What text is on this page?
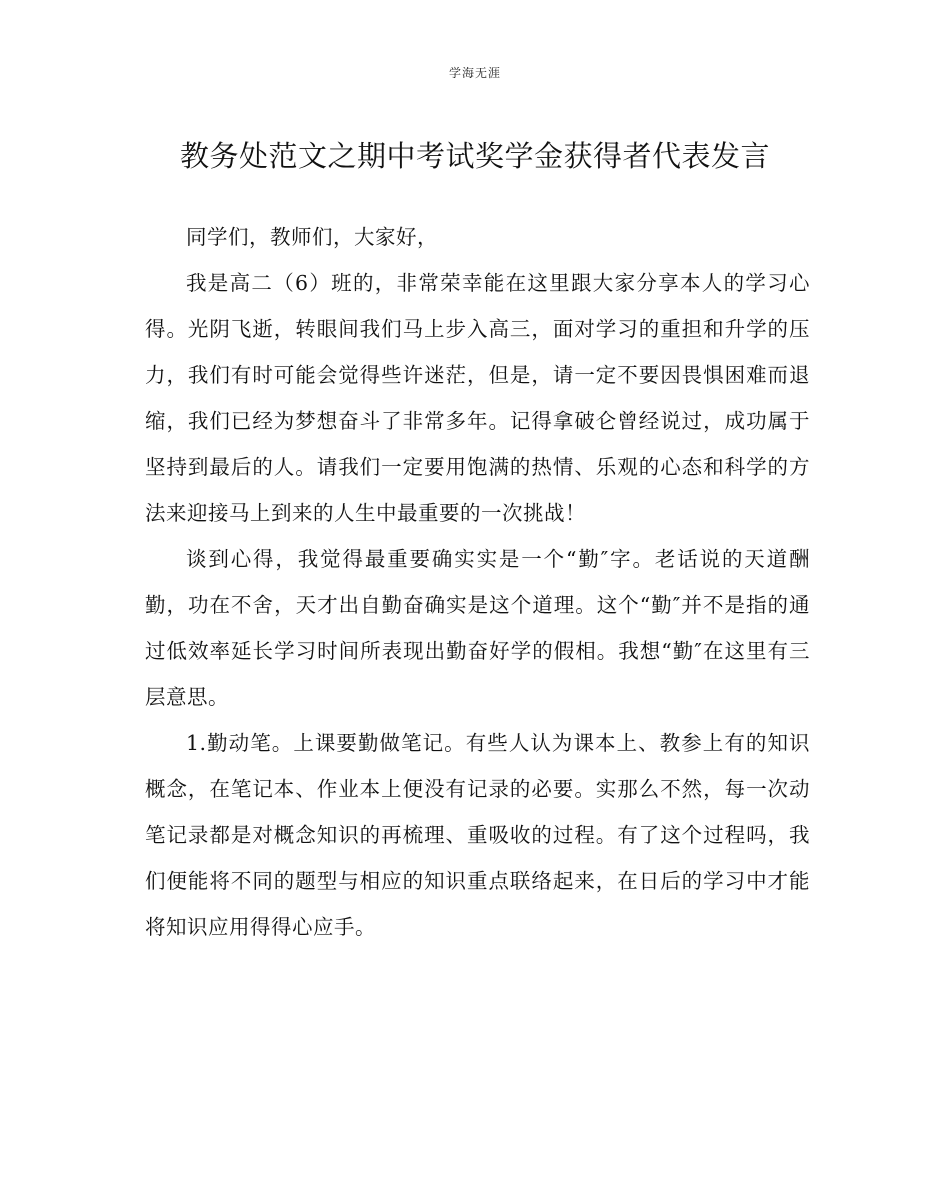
学海无涯
教务处范文之期中考试奖学金获得者代表发言

同学们，教师们，大家好，

我是高二（6）班的，非常荣幸能在这里跟大家分享本人的学习心得。光阴飞逝，转眼间我们马上步入高三，面对学习的重担和升学的压力，我们有时可能会觉得些许迷茫，但是，请一定不要因畏惧困难而退缩，我们已经为梦想奋斗了非常多年。记得拿破仑曾经说过，成功属于坚持到最后的人。请我们一定要用饱满的热情、乐观的心态和科学的方法来迎接马上到来的人生中最重要的一次挑战！

谈到心得，我觉得最重要确实实是一个“勤″字。老话说的天道酬勤，功在不舍，天才出自勤奋确实是这个道理。这个“勤″并不是指的通过低效率延长学习时间所表现出勤奋好学的假相。我想“勤″在这里有三层意思。

1.勤动笔。上课要勤做笔记。有些人认为课本上、教参上有的知识概念，在笔记本、作业本上便没有记录的必要。实那么不然，每一次动笔记录都是对概念知识的再梳理、重吸收的过程。有了这个过程吗，我们便能将不同的题型与相应的知识重点联络起来，在日后的学习中才能将知识应用得得心应手。
